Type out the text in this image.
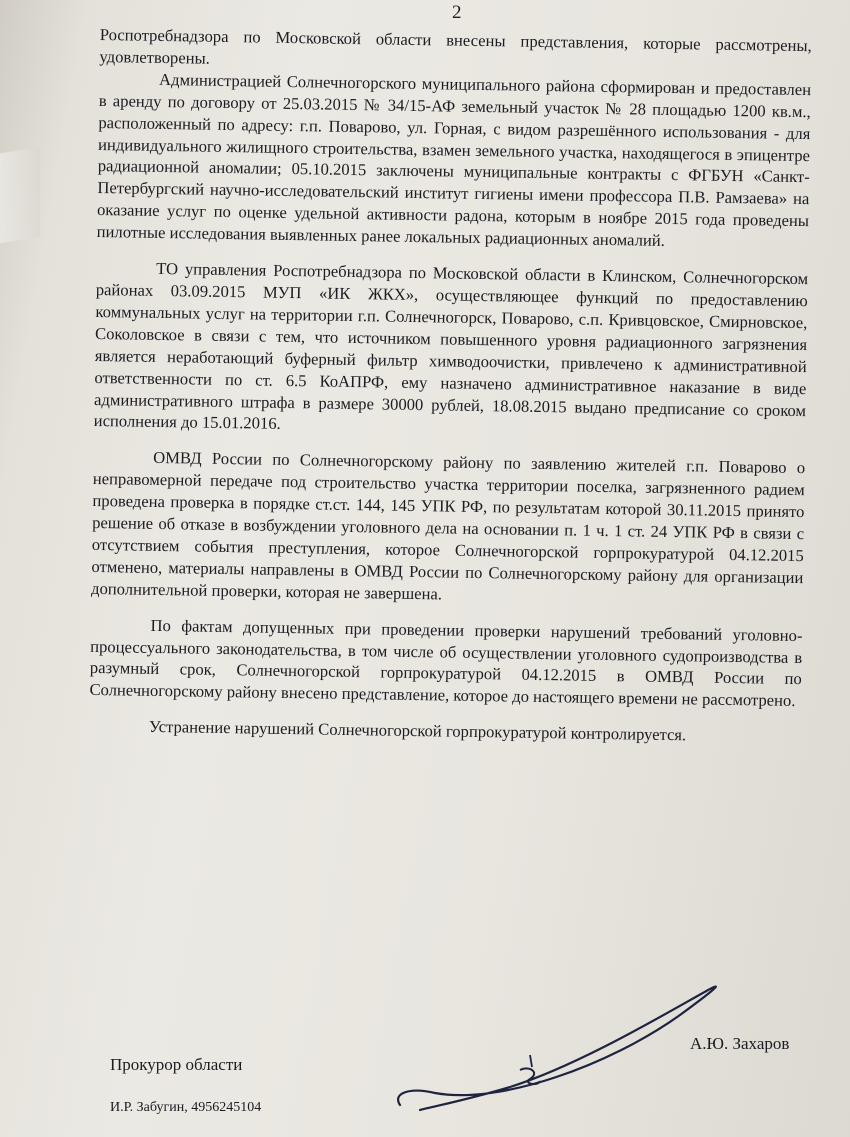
2

Роспотребнадзора по Московской области внесены представления, которые рассмотрены, удовлетворены.

Администрацией Солнечногорского муниципального района сформирован и предоставлен в аренду по договору от 25.03.2015 № 34/15-АФ земельный участок № 28 площадью 1200 кв.м., расположенный по адресу: г.п. Поварово, ул. Горная, с видом разрешённого использования - для индивидуального жилищного строительства, взамен земельного участка, находящегося в эпицентре радиационной аномалии; 05.10.2015 заключены муниципальные контракты с ФГБУН «Санкт-Петербургский научно-исследовательский институт гигиены имени профессора П.В. Рамзаева» на оказание услуг по оценке удельной активности радона, которым в ноябре 2015 года проведены пилотные исследования выявленных ранее локальных радиационных аномалий.

ТО управления Роспотребнадзора по Московской области в Клинском, Солнечногорском районах 03.09.2015 МУП «ИК ЖКХ», осуществляющее функций по предоставлению коммунальных услуг на территории г.п. Солнечногорск, Поварово, с.п. Кривцовское, Смирновское, Соколовское в связи с тем, что источником повышенного уровня радиационного загрязнения является неработающий буферный фильтр химводоочистки, привлечено к административной ответственности по ст. 6.5 КоАПРФ, ему назначено административное наказание в виде административного штрафа в размере 30000 рублей, 18.08.2015 выдано предписание со сроком исполнения до 15.01.2016.

ОМВД России по Солнечногорскому району по заявлению жителей г.п. Поварово о неправомерной передаче под строительство участка территории поселка, загрязненного радием проведена проверка в порядке ст.ст. 144, 145 УПК РФ, по результатам которой 30.11.2015 принято решение об отказе в возбуждении уголовного дела на основании п. 1 ч. 1 ст. 24 УПК РФ в связи с отсутствием события преступления, которое Солнечногорской горпрокуратурой 04.12.2015 отменено, материалы направлены в ОМВД России по Солнечногорскому району для организации дополнительной проверки, которая не завершена.

По фактам допущенных при проведении проверки нарушений требований уголовно-процессуального законодательства, в том числе об осуществлении уголовного судопроизводства в разумный срок, Солнечногорской горпрокуратурой 04.12.2015 в ОМВД России по Солнечногорскому району внесено представление, которое до настоящего времени не рассмотрено.

Устранение нарушений Солнечногорской горпрокуратурой контролируется.

А.Ю. Захаров
Прокурор области
И.Р. Забугин, 4956245104
